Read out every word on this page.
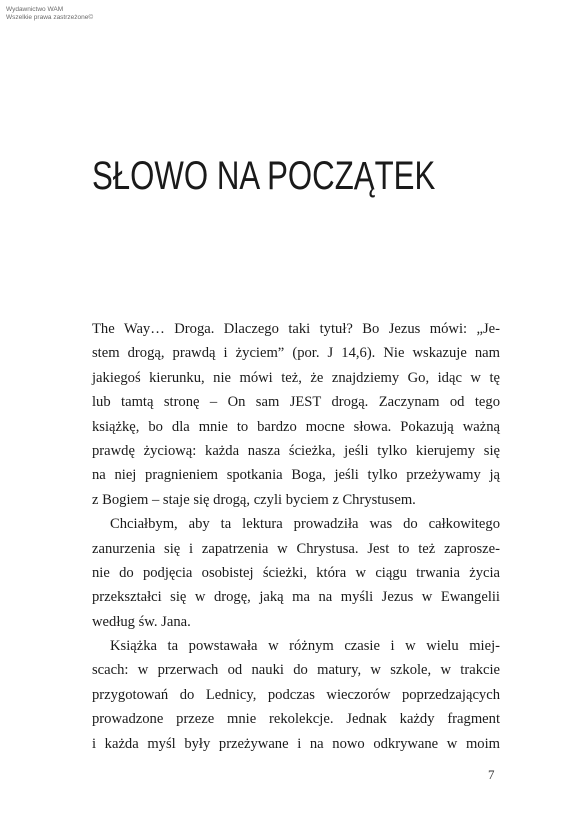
Wydawnictwo WAM
Wszelkie prawa zastrzeżone©
SŁOWO NA POCZĄTEK

The Way… Droga. Dlaczego taki tytuł? Bo Jezus mówi: „Je-
stem drogą, prawdą i życiem” (por. J 14,6). Nie wskazuje nam
jakiegoś kierunku, nie mówi też, że znajdziemy Go, idąc w tę
lub tamtą stronę – On sam JEST drogą. Zaczynam od tego
książkę, bo dla mnie to bardzo mocne słowa. Pokazują ważną
prawdę życiową: każda nasza ścieżka, jeśli tylko kierujemy się
na niej pragnieniem spotkania Boga, jeśli tylko przeżywamy ją
z Bogiem – staje się drogą, czyli byciem z Chrystusem.

Chciałbym, aby ta lektura prowadziła was do całkowitego
zanurzenia się i zapatrzenia w Chrystusa. Jest to też zaprosze-
nie do podjęcia osobistej ścieżki, która w ciągu trwania życia
przekształci się w drogę, jaką ma na myśli Jezus w Ewangelii
według św. Jana.

Książka ta powstawała w różnym czasie i w wielu miej-
scach: w przerwach od nauki do matury, w szkole, w trakcie
przygotowań do Lednicy, podczas wieczorów poprzedzających
prowadzone przeze mnie rekolekcje. Jednak każdy fragment
i każda myśl były przeżywane i na nowo odkrywane w moim

7
